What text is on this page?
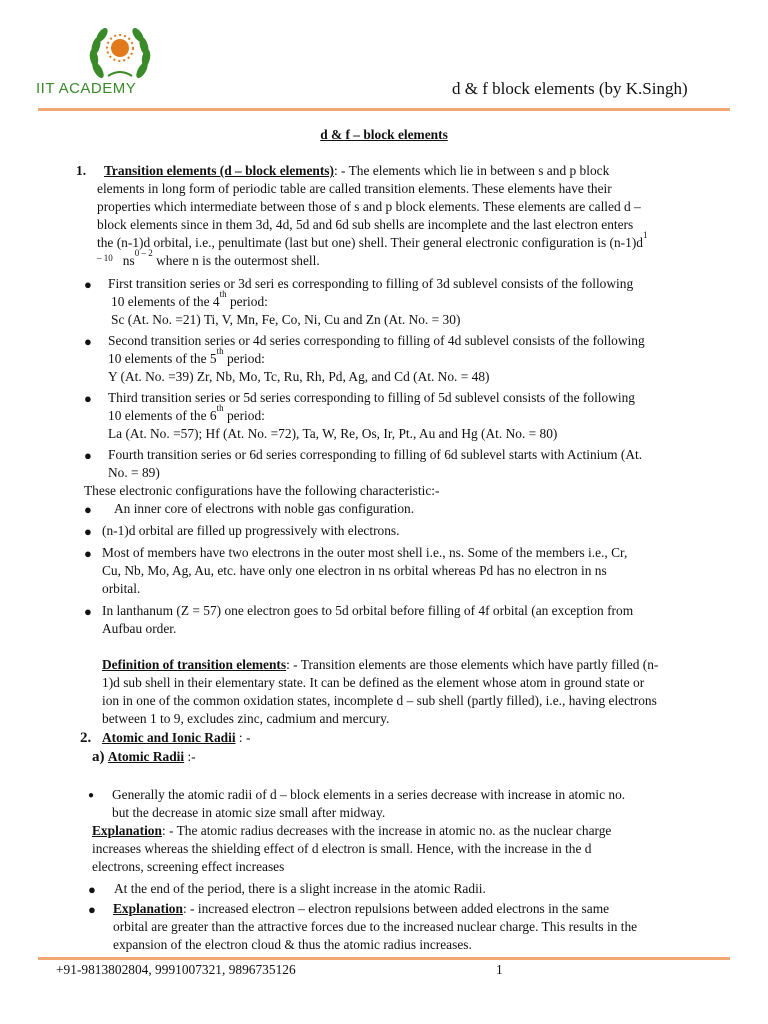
IIT ACADEMY	d & f block elements (by K.Singh)
d & f – block elements
1. Transition elements (d – block elements): - The elements which lie in between s and p block
elements in long form of periodic table are called transition elements. These elements have their
properties which intermediate between those of s and p block elements. These elements are called d –
block elements since in them 3d, 4d, 5d and 6d sub shells are incomplete and the last electron enters
the (n-1)d orbital, i.e., penultimate (last but one) shell. Their general electronic configuration is $(n-1)d^1$
– 10 $ns^{0 - 2}$ where n is the outermost shell.
● First transition series or 3d seri es corresponding to filling of 3d sublevel consists of the following
10 elements of the 4th period:
Sc (At. No. =21) Ti, V, Mn, Fe, Co, Ni, Cu and Zn (At. No. = 30)
● Second transition series or 4d series corresponding to filling of 4d sublevel consists of the following
10 elements of the 5th period:
Y (At. No. =39) Zr, Nb, Mo, Tc, Ru, Rh, Pd, Ag, and Cd (At. No. = 48)
● Third transition series or 5d series corresponding to filling of 5d sublevel consists of the following
10 elements of the 6th period:
La (At. No. =57); Hf (At. No. =72), Ta, W, Re, Os, Ir, Pt., Au and Hg (At. No. = 80)
● Fourth transition series or 6d series corresponding to filling of 6d sublevel starts with Actinium (At.
No. = 89)
These electronic configurations have the following characteristic:-
● An inner core of electrons with noble gas configuration.
● (n-1)d orbital are filled up progressively with electrons.
● Most of members have two electrons in the outer most shell i.e., ns. Some of the members i.e., Cr,
Cu, Nb, Mo, Ag, Au, etc. have only one electron in ns orbital whereas Pd has no electron in ns
orbital.
● In lanthanum (Z = 57) one electron goes to 5d orbital before filling of 4f orbital (an exception from
Aufbau order.
Definition of transition elements: - Transition elements are those elements which have partly filled (n-
1)d sub shell in their elementary state. It can be defined as the element whose atom in ground state or
ion in one of the common oxidation states, incomplete d – sub shell (partly filled), i.e., having electrons
between 1 to 9, excludes zinc, cadmium and mercury.
2. Atomic and Ionic Radii : -
a) Atomic Radii :-
● Generally the atomic radii of d – block elements in a series decrease with increase in atomic no.
but the decrease in atomic size small after midway.
Explanation: - The atomic radius decreases with the increase in atomic no. as the nuclear charge
increases whereas the shielding effect of d electron is small. Hence, with the increase in the d
electrons, screening effect increases
● At the end of the period, there is a slight increase in the atomic Radii.
● Explanation: - increased electron – electron repulsions between added electrons in the same
orbital are greater than the attractive forces due to the increased nuclear charge. This results in the
expansion of the electron cloud & thus the atomic radius increases.
+91-9813802804, 9991007321, 9896735126	1
